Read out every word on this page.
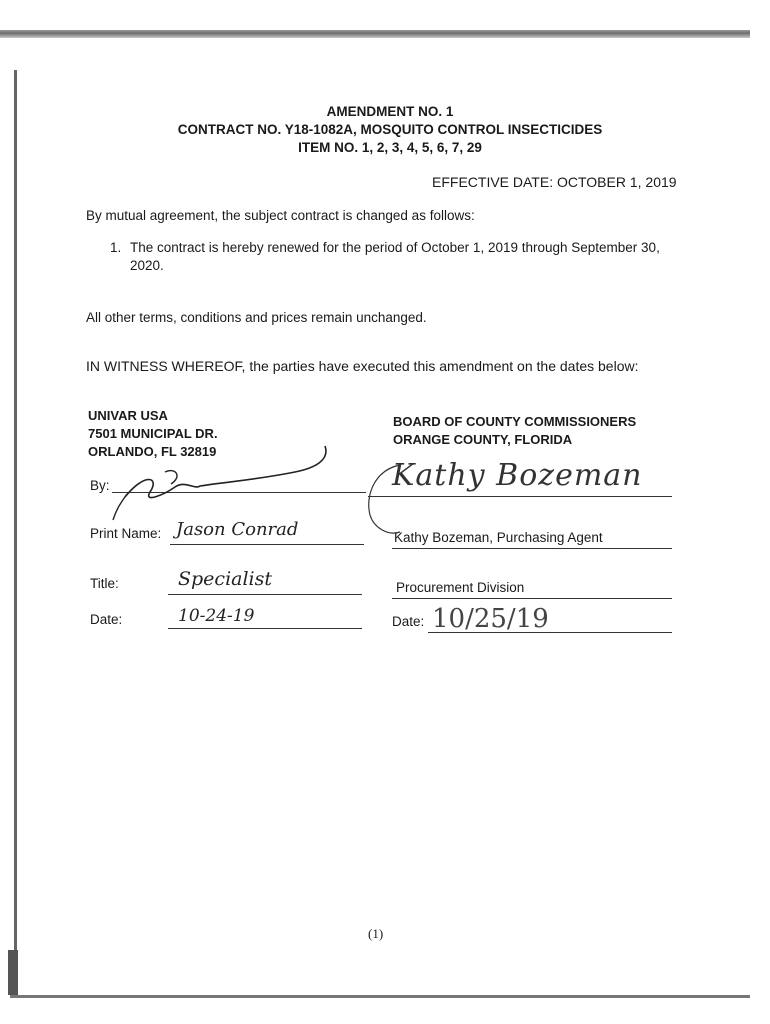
AMENDMENT NO. 1
CONTRACT NO. Y18-1082A, MOSQUITO CONTROL INSECTICIDES
ITEM NO. 1, 2, 3, 4, 5, 6, 7, 29
EFFECTIVE DATE: OCTOBER 1, 2019
By mutual agreement, the subject contract is changed as follows:
1. The contract is hereby renewed for the period of October 1, 2019 through September 30,
2020.
All other terms, conditions and prices remain unchanged.
IN WITNESS WHEREOF, the parties have executed this amendment on the dates below:
UNIVAR USA
7501 MUNICIPAL DR.
ORLANDO, FL 32819
By:
Print Name: Jason Conrad
Title:	Specialist
Date:	10-24-19
BOARD OF COUNTY COMMISSIONERS
ORANGE COUNTY, FLORIDA
Kathy Bozeman
Kathy Bozeman, Purchasing Agent
Procurement Division
Date: 10/25/19
(1)
